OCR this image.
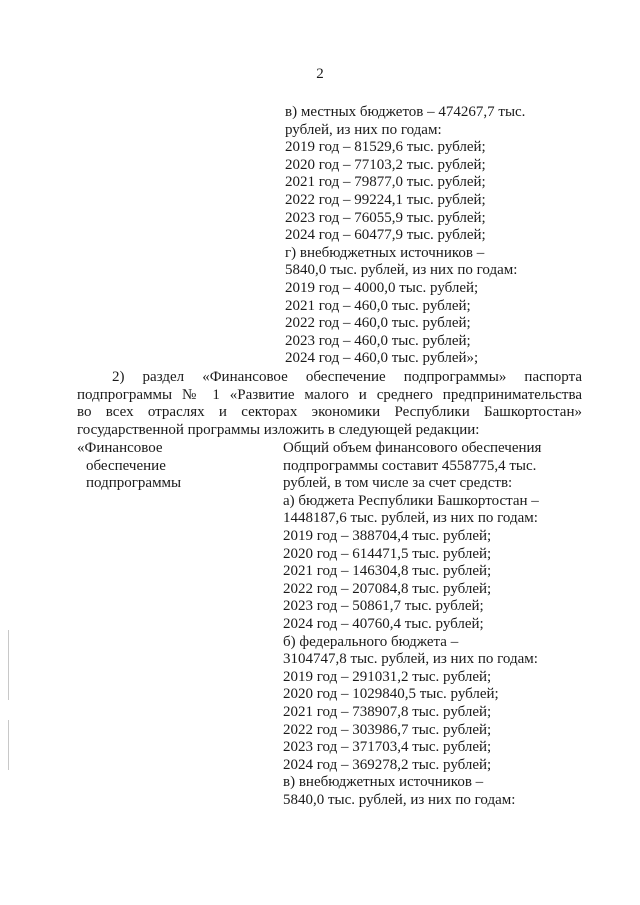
2
в) местных бюджетов – 474267,7 тыс.
рублей, из них по годам:
2019 год – 81529,6 тыс. рублей;
2020 год – 77103,2 тыс. рублей;
2021 год – 79877,0 тыс. рублей;
2022 год – 99224,1 тыс. рублей;
2023 год – 76055,9 тыс. рублей;
2024 год – 60477,9 тыс. рублей;
г) внебюджетных источников –
5840,0 тыс. рублей, из них по годам:
2019 год – 4000,0 тыс. рублей;
2021 год – 460,0 тыс. рублей;
2022 год – 460,0 тыс. рублей;
2023 год – 460,0 тыс. рублей;
2024 год – 460,0 тыс. рублей»;
2) раздел «Финансовое обеспечение подпрограммы» паспорта
подпрограммы № 1 «Развитие малого и среднего предпринимательства
во всех отраслях и секторах экономики Республики Башкортостан»
государственной программы изложить в следующей редакции:
«Финансовое
обеспечение
подпрограммы
Общий объем финансового обеспечения
подпрограммы составит 4558775,4 тыс.
рублей, в том числе за счет средств:
а) бюджета Республики Башкортостан –
1448187,6 тыс. рублей, из них по годам:
2019 год – 388704,4 тыс. рублей;
2020 год – 614471,5 тыс. рублей;
2021 год – 146304,8 тыс. рублей;
2022 год – 207084,8 тыс. рублей;
2023 год – 50861,7 тыс. рублей;
2024 год – 40760,4 тыс. рублей;
б) федерального бюджета –
3104747,8 тыс. рублей, из них по годам:
2019 год – 291031,2 тыс. рублей;
2020 год – 1029840,5 тыс. рублей;
2021 год – 738907,8 тыс. рублей;
2022 год – 303986,7 тыс. рублей;
2023 год – 371703,4 тыс. рублей;
2024 год – 369278,2 тыс. рублей;
в) внебюджетных источников –
5840,0 тыс. рублей, из них по годам:
